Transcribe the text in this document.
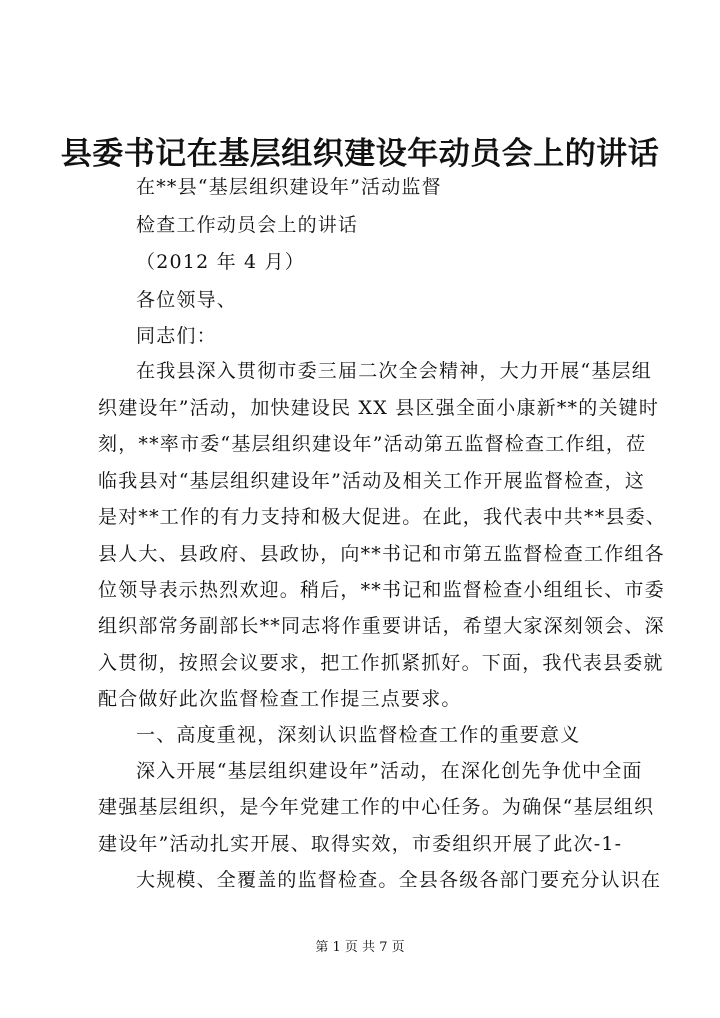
县委书记在基层组织建设年动员会上的讲话
在**县“基层组织建设年”活动监督
检查工作动员会上的讲话
（2012 年 4 月）
各位领导、
同志们：
在我县深入贯彻市委三届二次全会精神，大力开展“基层组
织建设年”活动，加快建设民 XX 县区强全面小康新**的关键时
刻，**率市委“基层组织建设年”活动第五监督检查工作组，莅
临我县对“基层组织建设年”活动及相关工作开展监督检查，这
是对**工作的有力支持和极大促进。在此，我代表中共**县委、
县人大、县政府、县政协，向**书记和市第五监督检查工作组各
位领导表示热烈欢迎。稍后，**书记和监督检查小组组长、市委
组织部常务副部长**同志将作重要讲话，希望大家深刻领会、深
入贯彻，按照会议要求，把工作抓紧抓好。下面，我代表县委就
配合做好此次监督检查工作提三点要求。
一、高度重视，深刻认识监督检查工作的重要意义
深入开展“基层组织建设年”活动，在深化创先争优中全面
建强基层组织，是今年党建工作的中心任务。为确保“基层组织
建设年”活动扎实开展、取得实效，市委组织开展了此次-1-
大规模、全覆盖的监督检查。全县各级各部门要充分认识在
第 1 页 共 7 页
